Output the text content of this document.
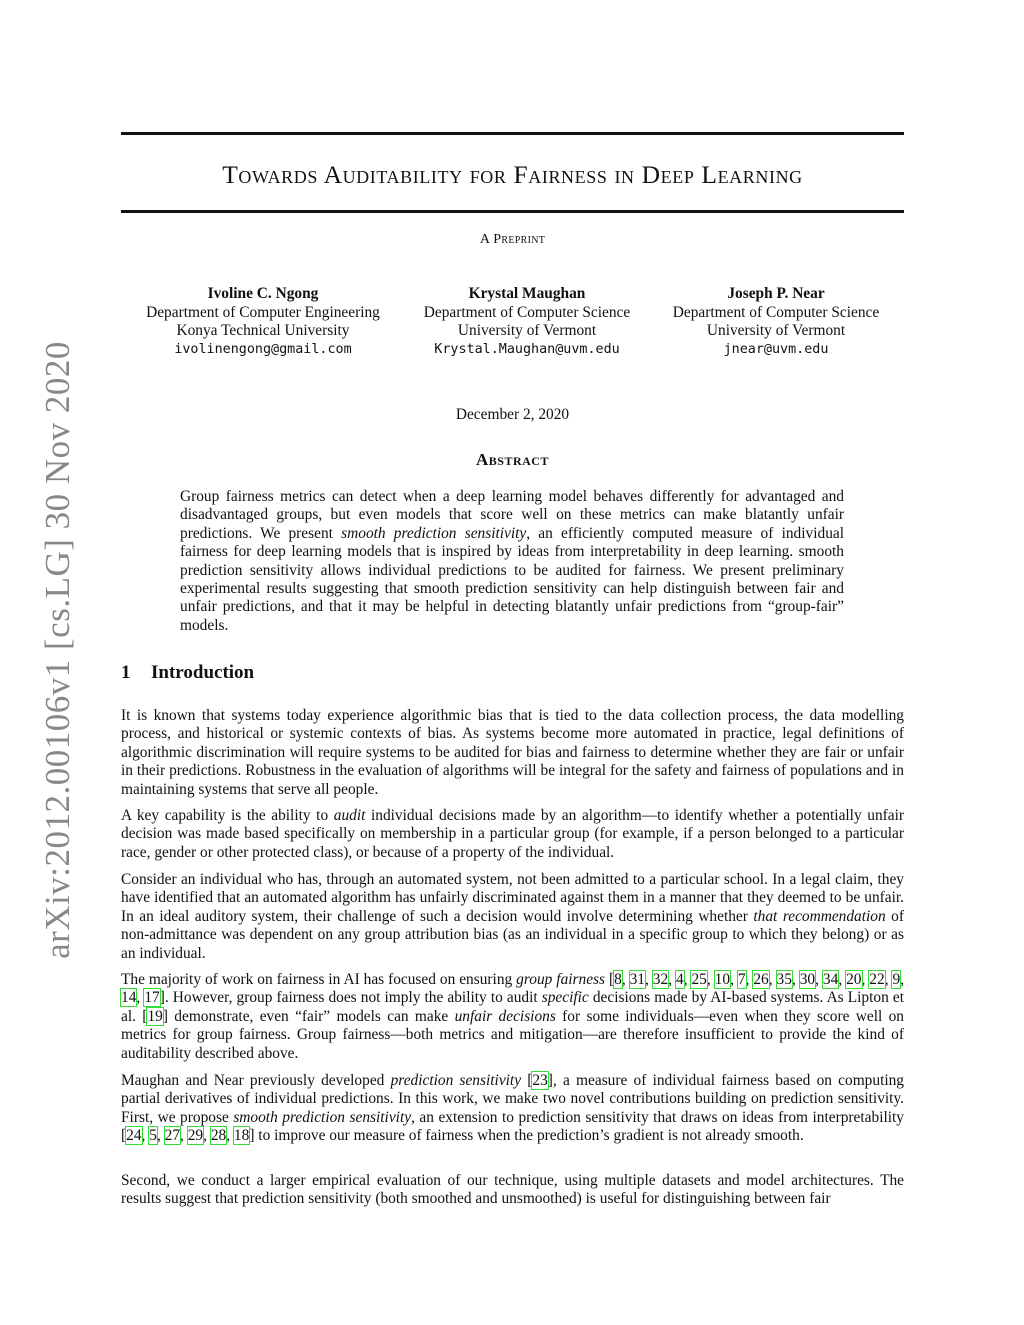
Towards Auditability for Fairness in Deep Learning
A Preprint
Ivoline C. Ngong
Department of Computer Engineering
Konya Technical University
ivolinengong@gmail.com
Krystal Maughan
Department of Computer Science
University of Vermont
Krystal.Maughan@uvm.edu
Joseph P. Near
Department of Computer Science
University of Vermont
jnear@uvm.edu
December 2, 2020
Abstract
Group fairness metrics can detect when a deep learning model behaves differently for advantaged and disadvantaged groups, but even models that score well on these metrics can make blatantly unfair predictions. We present smooth prediction sensitivity, an efficiently computed measure of individual fairness for deep learning models that is inspired by ideas from interpretability in deep learning. smooth prediction sensitivity allows individual predictions to be audited for fairness. We present preliminary experimental results suggesting that smooth prediction sensitivity can help distinguish between fair and unfair predictions, and that it may be helpful in detecting blatantly unfair predictions from “group-fair” models.
1 Introduction
It is known that systems today experience algorithmic bias that is tied to the data collection process, the data modelling process, and historical or systemic contexts of bias. As systems become more automated in practice, legal definitions of algorithmic discrimination will require systems to be audited for bias and fairness to determine whether they are fair or unfair in their predictions. Robustness in the evaluation of algorithms will be integral for the safety and fairness of populations and in maintaining systems that serve all people.
A key capability is the ability to audit individual decisions made by an algorithm—to identify whether a potentially unfair decision was made based specifically on membership in a particular group (for example, if a person belonged to a particular race, gender or other protected class), or because of a property of the individual.
Consider an individual who has, through an automated system, not been admitted to a particular school. In a legal claim, they have identified that an automated algorithm has unfairly discriminated against them in a manner that they deemed to be unfair. In an ideal auditory system, their challenge of such a decision would involve determining whether that recommendation of non-admittance was dependent on any group attribution bias (as an individual in a specific group to which they belong) or as an individual.
The majority of work on fairness in AI has focused on ensuring group fairness [8, 31, 32, 4, 25, 10, 7, 26, 35, 30, 34, 20, 22, 9, 14, 17]. However, group fairness does not imply the ability to audit specific decisions made by AI-based systems. As Lipton et al. [19] demonstrate, even “fair” models can make unfair decisions for some individuals—even when they score well on metrics for group fairness. Group fairness—both metrics and mitigation—are therefore insufficient to provide the kind of auditability described above.
Maughan and Near previously developed prediction sensitivity [23], a measure of individual fairness based on computing partial derivatives of individual predictions. In this work, we make two novel contributions building on prediction sensitivity. First, we propose smooth prediction sensitivity, an extension to prediction sensitivity that draws on ideas from interpretability [24, 5, 27, 29, 28, 18] to improve our measure of fairness when the prediction’s gradient is not already smooth.
Second, we conduct a larger empirical evaluation of our technique, using multiple datasets and model architectures. The results suggest that prediction sensitivity (both smoothed and unsmoothed) is useful for distinguishing between fair
arXiv:2012.00106v1 [cs.LG] 30 Nov 2020
